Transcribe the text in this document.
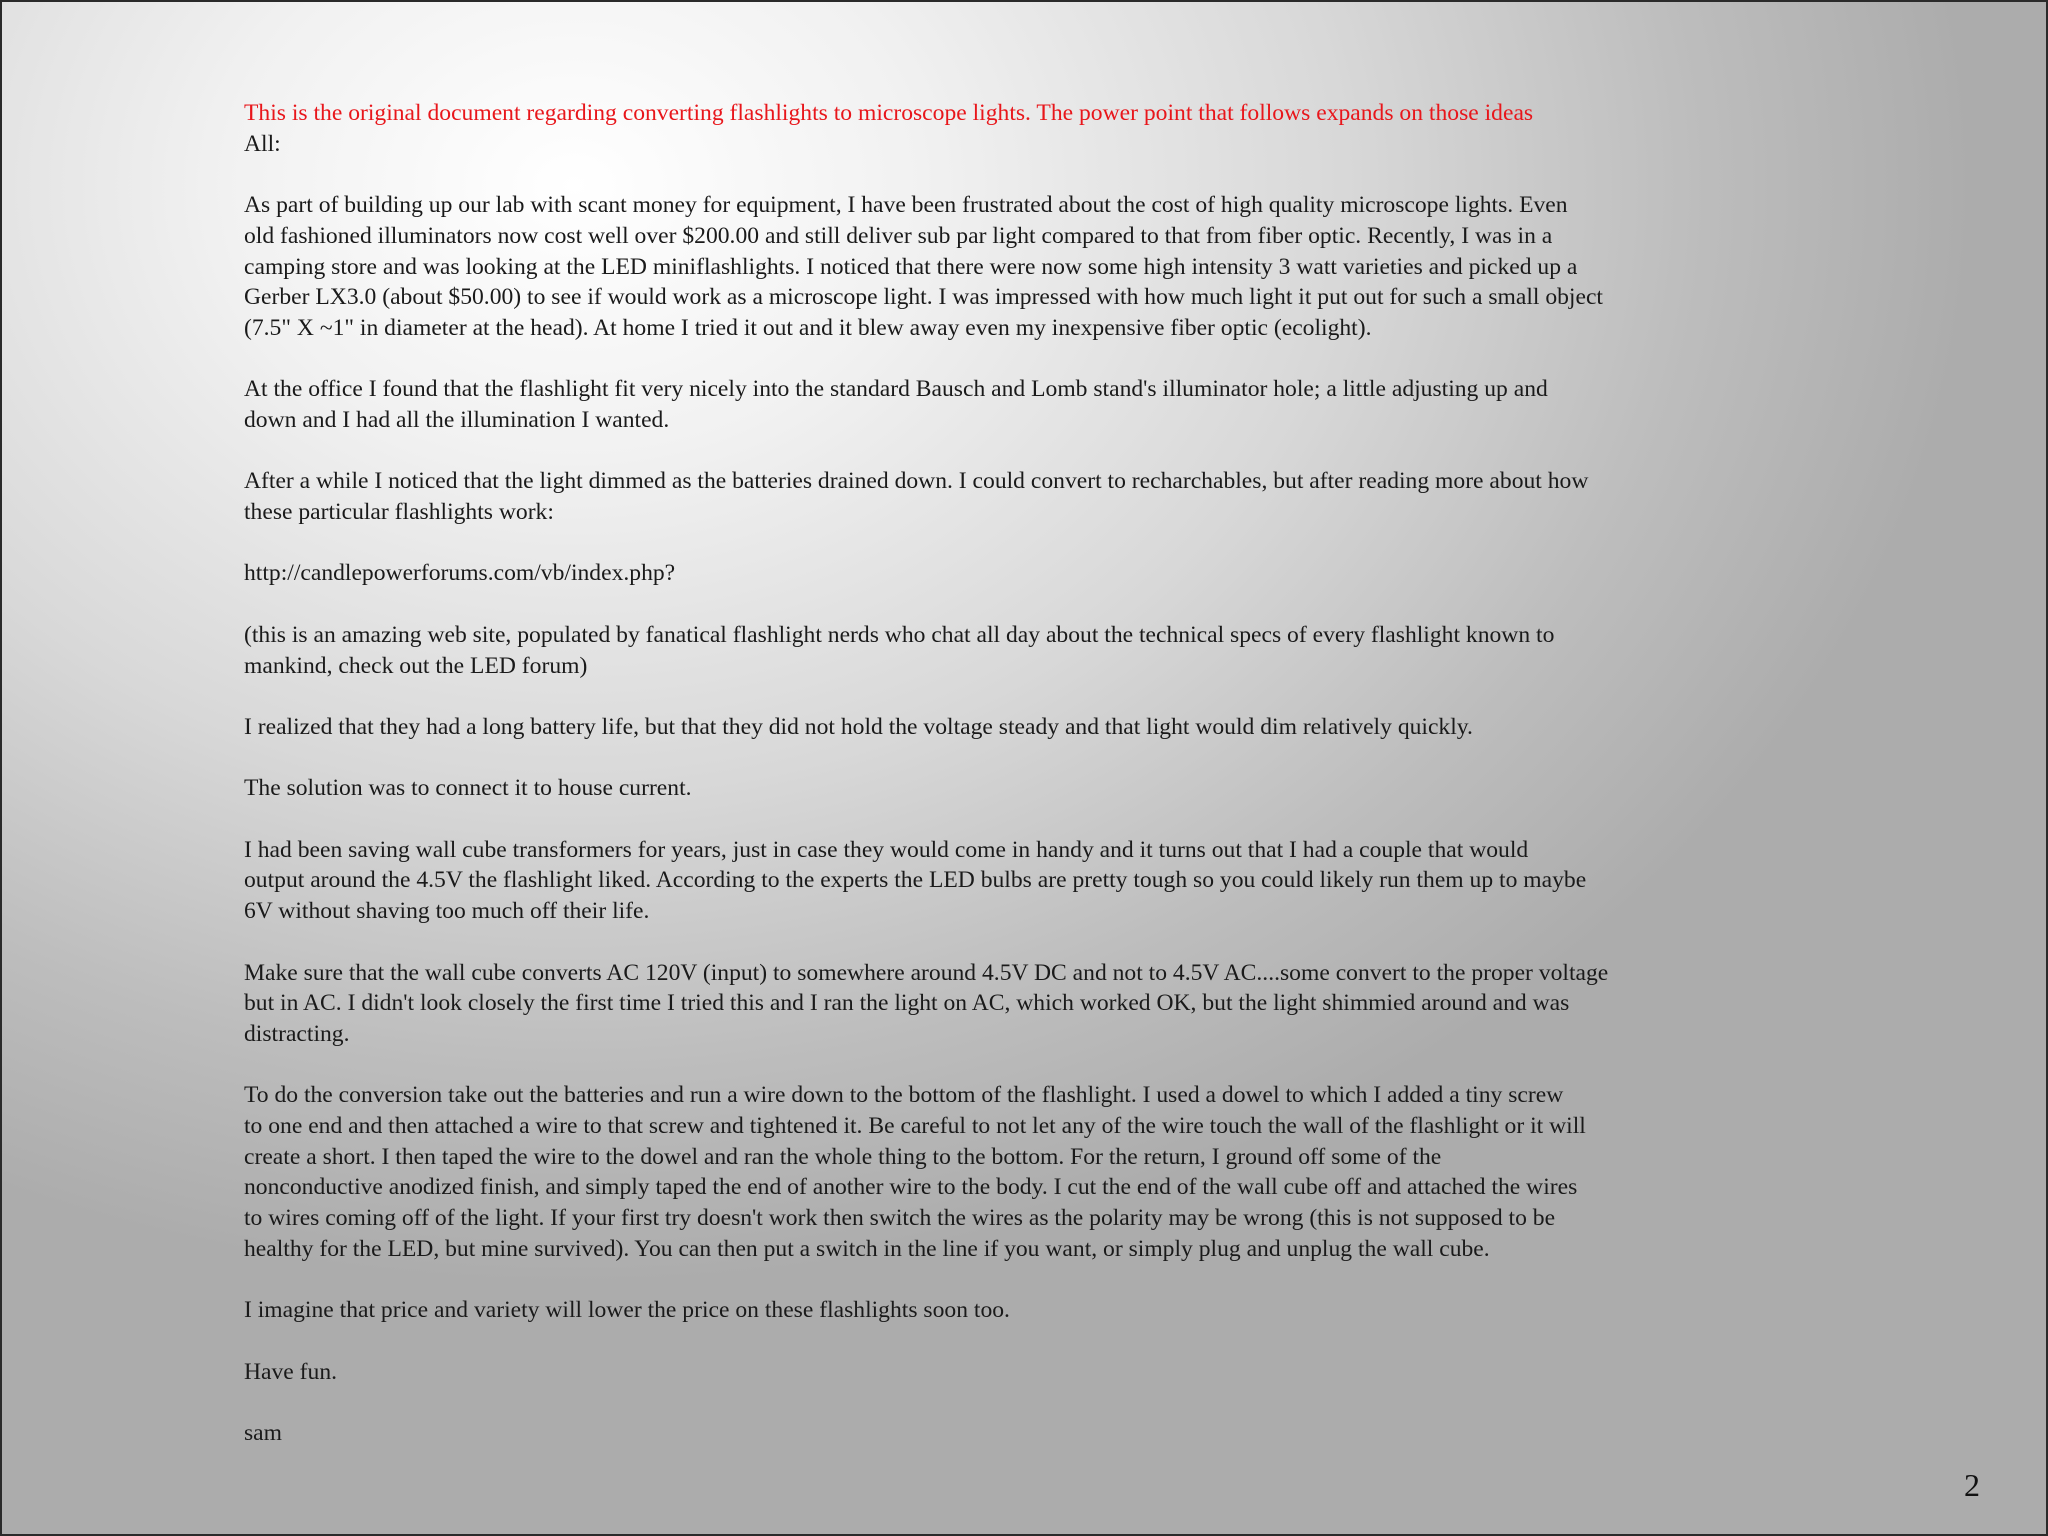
This is the original document regarding converting flashlights to microscope lights. The power point that follows expands on those ideas

All:

As part of building up our lab with scant money for equipment, I have been frustrated about the cost of high quality microscope lights. Even
old fashioned illuminators now cost well over $200.00 and still deliver sub par light compared to that from fiber optic. Recently, I was in a
camping store and was looking at the LED miniflashlights. I noticed that there were now some high intensity 3 watt varieties and picked up a
Gerber LX3.0 (about $50.00) to see if would work as a microscope light. I was impressed with how much light it put out for such a small object
(7.5" X ~1" in diameter at the head). At home I tried it out and it blew away even my inexpensive fiber optic (ecolight).

At the office I found that the flashlight fit very nicely into the standard Bausch and Lomb stand's illuminator hole; a little adjusting up and
down and I had all the illumination I wanted.

After a while I noticed that the light dimmed as the batteries drained down. I could convert to recharchables, but after reading more about how
these particular flashlights work:

http://candlepowerforums.com/vb/index.php?

(this is an amazing web site, populated by fanatical flashlight nerds who chat all day about the technical specs of every flashlight known to
mankind, check out the LED forum)

I realized that they had a long battery life, but that they did not hold the voltage steady and that light would dim relatively quickly.

The solution was to connect it to house current.

I had been saving wall cube transformers for years, just in case they would come in handy and it turns out that I had a couple that would
output around the 4.5V the flashlight liked. According to the experts the LED bulbs are pretty tough so you could likely run them up to maybe
6V without shaving too much off their life.

Make sure that the wall cube converts AC 120V (input) to somewhere around 4.5V DC and not to 4.5V AC....some convert to the proper voltage
but in AC. I didn't look closely the first time I tried this and I ran the light on AC, which worked OK, but the light shimmied around and was
distracting.

To do the conversion take out the batteries and run a wire down to the bottom of the flashlight. I used a dowel to which I added a tiny screw
to one end and then attached a wire to that screw and tightened it. Be careful to not let any of the wire touch the wall of the flashlight or it will
create a short. I then taped the wire to the dowel and ran the whole thing to the bottom. For the return, I ground off some of the
nonconductive anodized finish, and simply taped the end of another wire to the body. I cut the end of the wall cube off and attached the wires
to wires coming off of the light. If your first try doesn't work then switch the wires as the polarity may be wrong (this is not supposed to be
healthy for the LED, but mine survived). You can then put a switch in the line if you want, or simply plug and unplug the wall cube.

I imagine that price and variety will lower the price on these flashlights soon too.

Have fun.

sam

2
